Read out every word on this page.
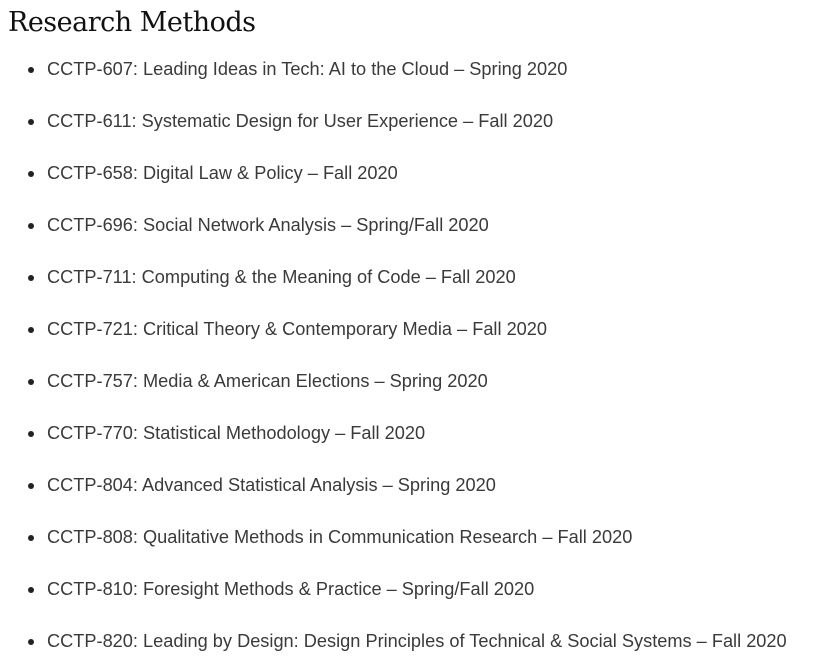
Research Methods
CCTP-607: Leading Ideas in Tech: AI to the Cloud – Spring 2020
CCTP-611: Systematic Design for User Experience – Fall 2020
CCTP-658: Digital Law & Policy – Fall 2020
CCTP-696: Social Network Analysis – Spring/Fall 2020
CCTP-711: Computing & the Meaning of Code – Fall 2020
CCTP-721: Critical Theory & Contemporary Media – Fall 2020
CCTP-757: Media & American Elections – Spring 2020
CCTP-770: Statistical Methodology – Fall 2020
CCTP-804: Advanced Statistical Analysis – Spring 2020
CCTP-808: Qualitative Methods in Communication Research – Fall 2020
CCTP-810: Foresight Methods & Practice – Spring/Fall 2020
CCTP-820: Leading by Design: Design Principles of Technical & Social Systems – Fall 2020
